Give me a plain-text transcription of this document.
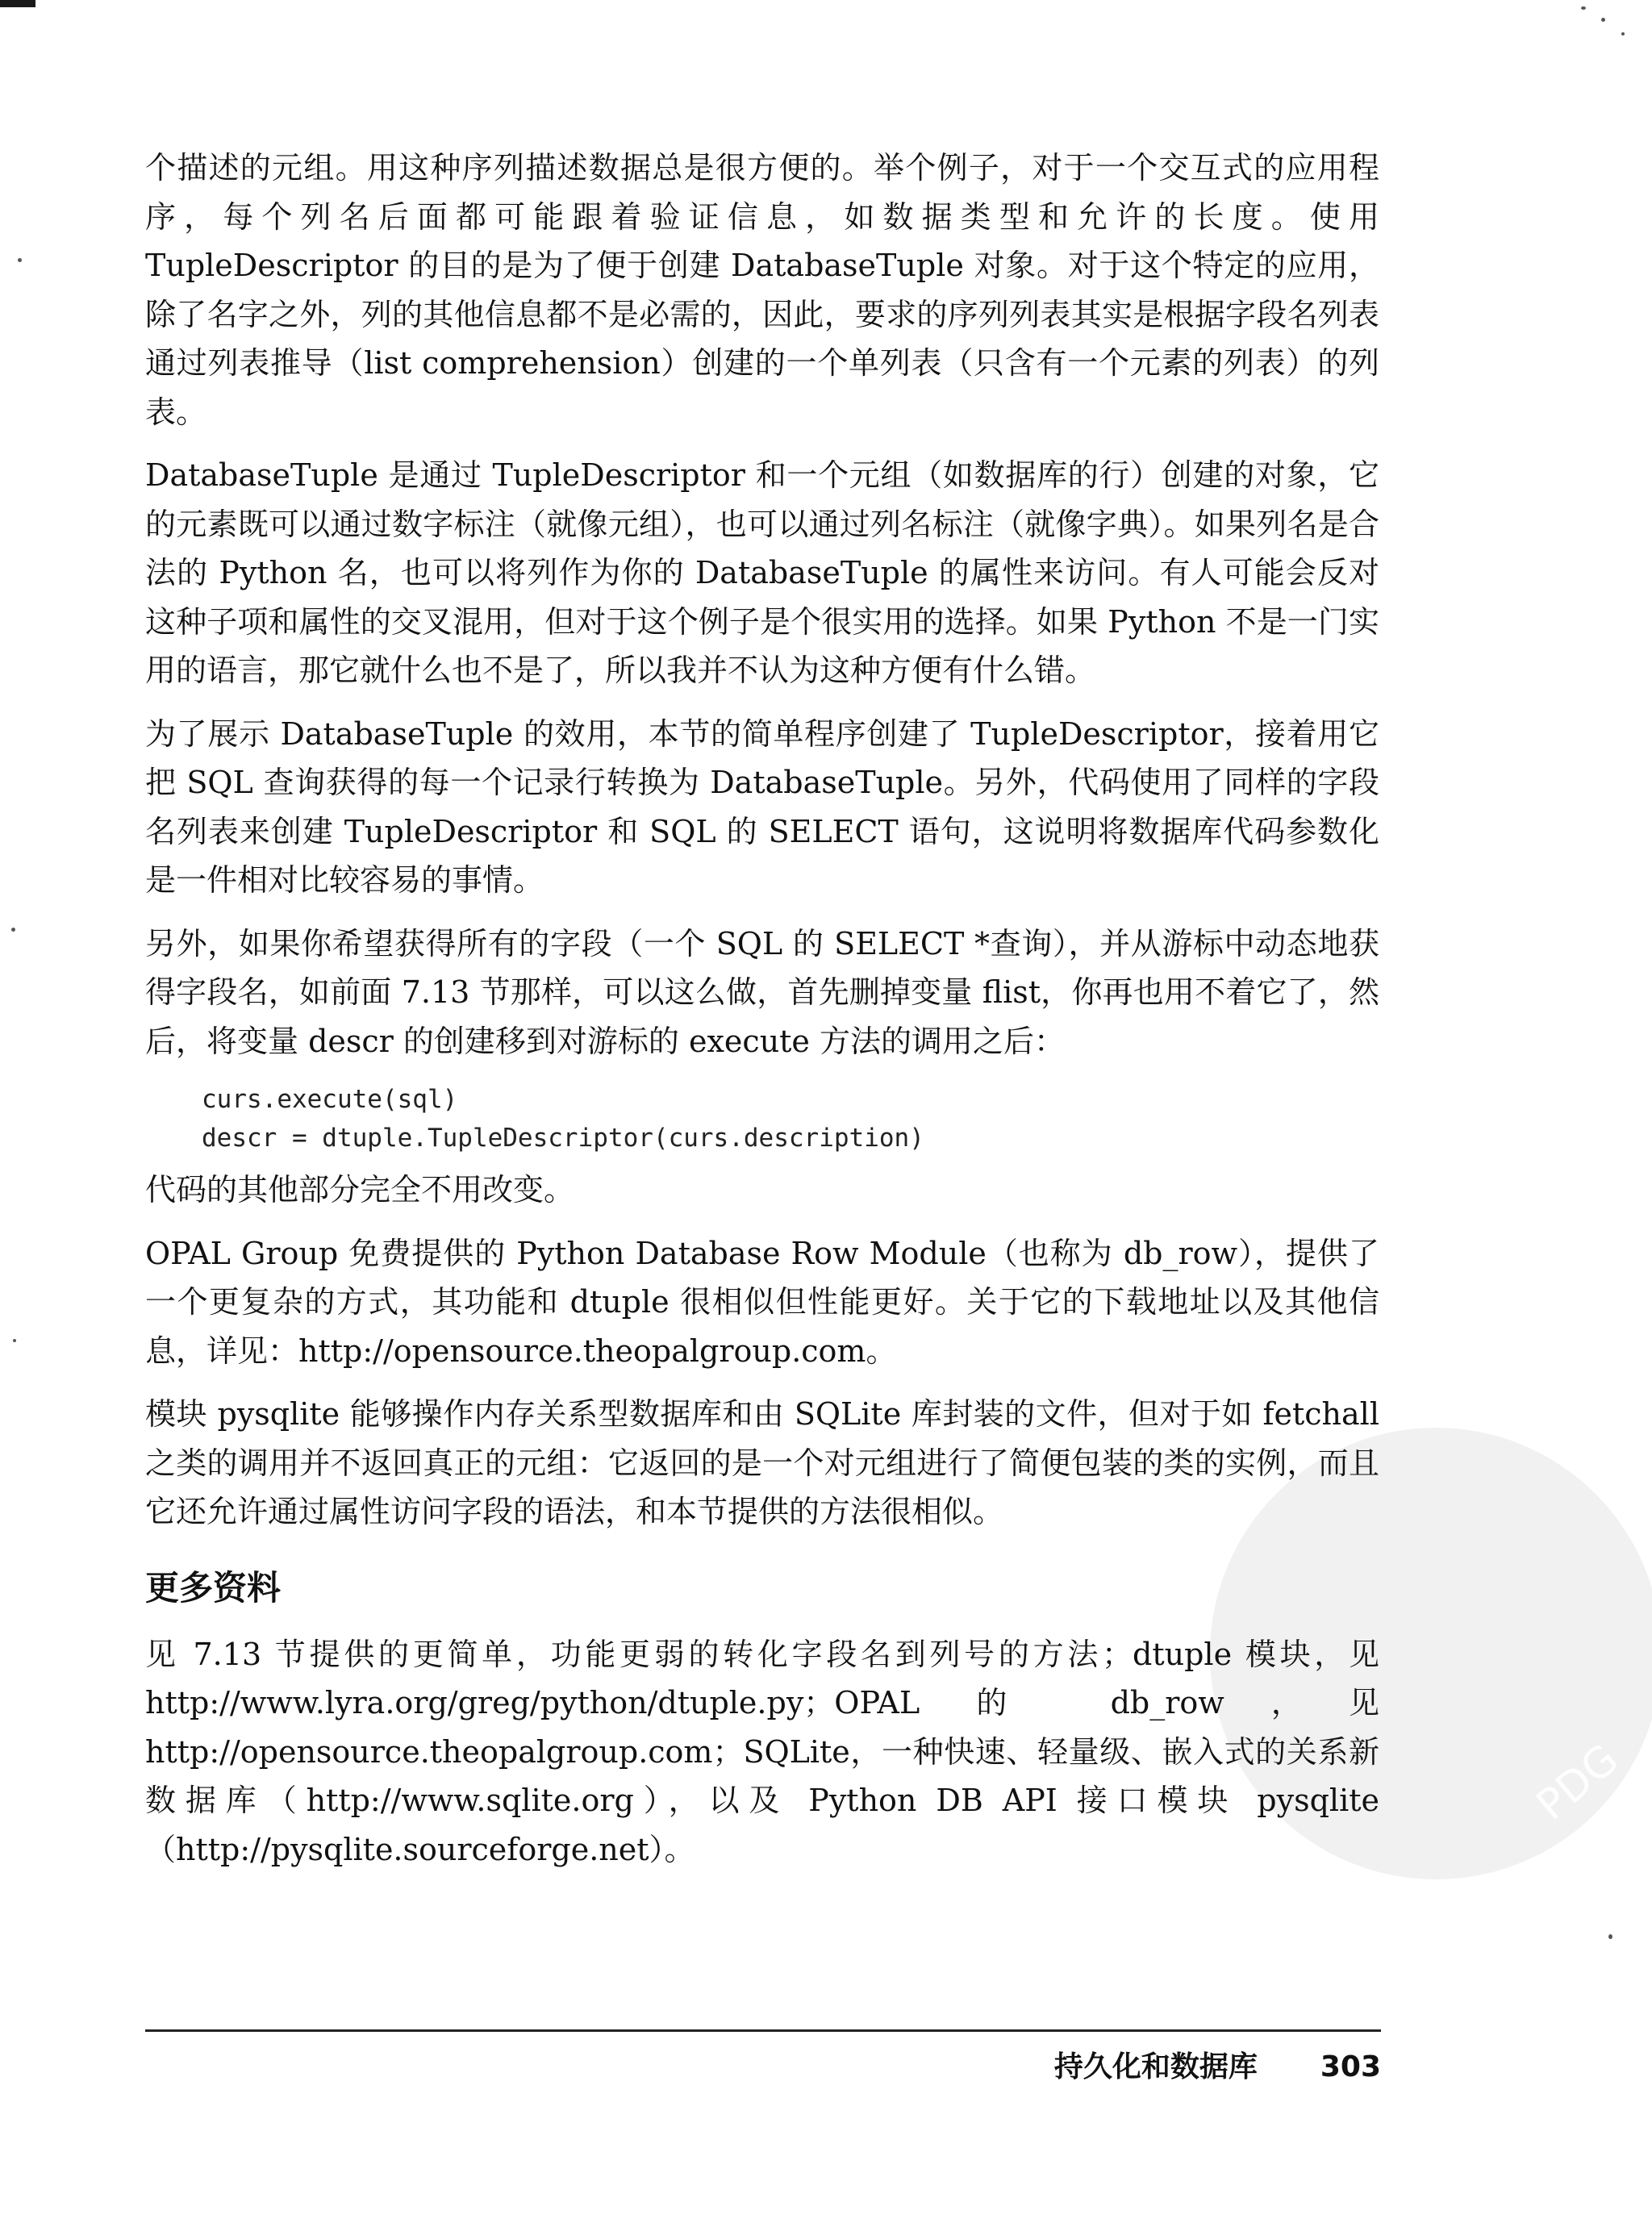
PDG

个描述的元组。用这种序列描述数据总是很方便的。举个例子，对于一个交互式的应用程序，每个列名后面都可能跟着验证信息，如数据类型和允许的长度。使用 TupleDescriptor 的目的是为了便于创建 DatabaseTuple 对象。对于这个特定的应用，除了名字之外，列的其他信息都不是必需的，因此，要求的序列列表其实是根据字段名列表通过列表推导（list comprehension）创建的一个单列表（只含有一个元素的列表）的列表。

DatabaseTuple 是通过 TupleDescriptor 和一个元组（如数据库的行）创建的对象，它的元素既可以通过数字标注（就像元组），也可以通过列名标注（就像字典）。如果列名是合法的 Python 名，也可以将列作为你的 DatabaseTuple 的属性来访问。有人可能会反对这种子项和属性的交叉混用，但对于这个例子是个很实用的选择。如果 Python 不是一门实用的语言，那它就什么也不是了，所以我并不认为这种方便有什么错。

为了展示 DatabaseTuple 的效用，本节的简单程序创建了 TupleDescriptor，接着用它把 SQL 查询获得的每一个记录行转换为 DatabaseTuple。另外，代码使用了同样的字段名列表来创建 TupleDescriptor 和 SQL 的 SELECT 语句，这说明将数据库代码参数化是一件相对比较容易的事情。

另外，如果你希望获得所有的字段（一个 SQL 的 SELECT *查询），并从游标中动态地获得字段名，如前面 7.13 节那样，可以这么做，首先删掉变量 flist，你再也用不着它了，然后，将变量 descr 的创建移到对游标的 execute 方法的调用之后：

curs.execute(sql)
descr = dtuple.TupleDescriptor(curs.description)

代码的其他部分完全不用改变。

OPAL Group 免费提供的 Python Database Row Module（也称为 db_row），提供了一个更复杂的方式，其功能和 dtuple 很相似但性能更好。关于它的下载地址以及其他信息，详见：http://opensource.theopalgroup.com。

模块 pysqlite 能够操作内存关系型数据库和由 SQLite 库封装的文件，但对于如 fetchall 之类的调用并不返回真正的元组：它返回的是一个对元组进行了简便包装的类的实例，而且它还允许通过属性访问字段的语法，和本节提供的方法很相似。

更多资料

见 7.13 节提供的更简单，功能更弱的转化字段名到列号的方法；dtuple 模块，见 http://www.lyra.org/greg/python/dtuple.py；OPAL 的 db_row，见 http://opensource.theopalgroup.com；SQLite，一种快速、轻量级、嵌入式的关系新数据库（http://www.sqlite.org），以及 Python DB API 接口模块 pysqlite（http://pysqlite.sourceforge.net）。

持久化和数据库 303
